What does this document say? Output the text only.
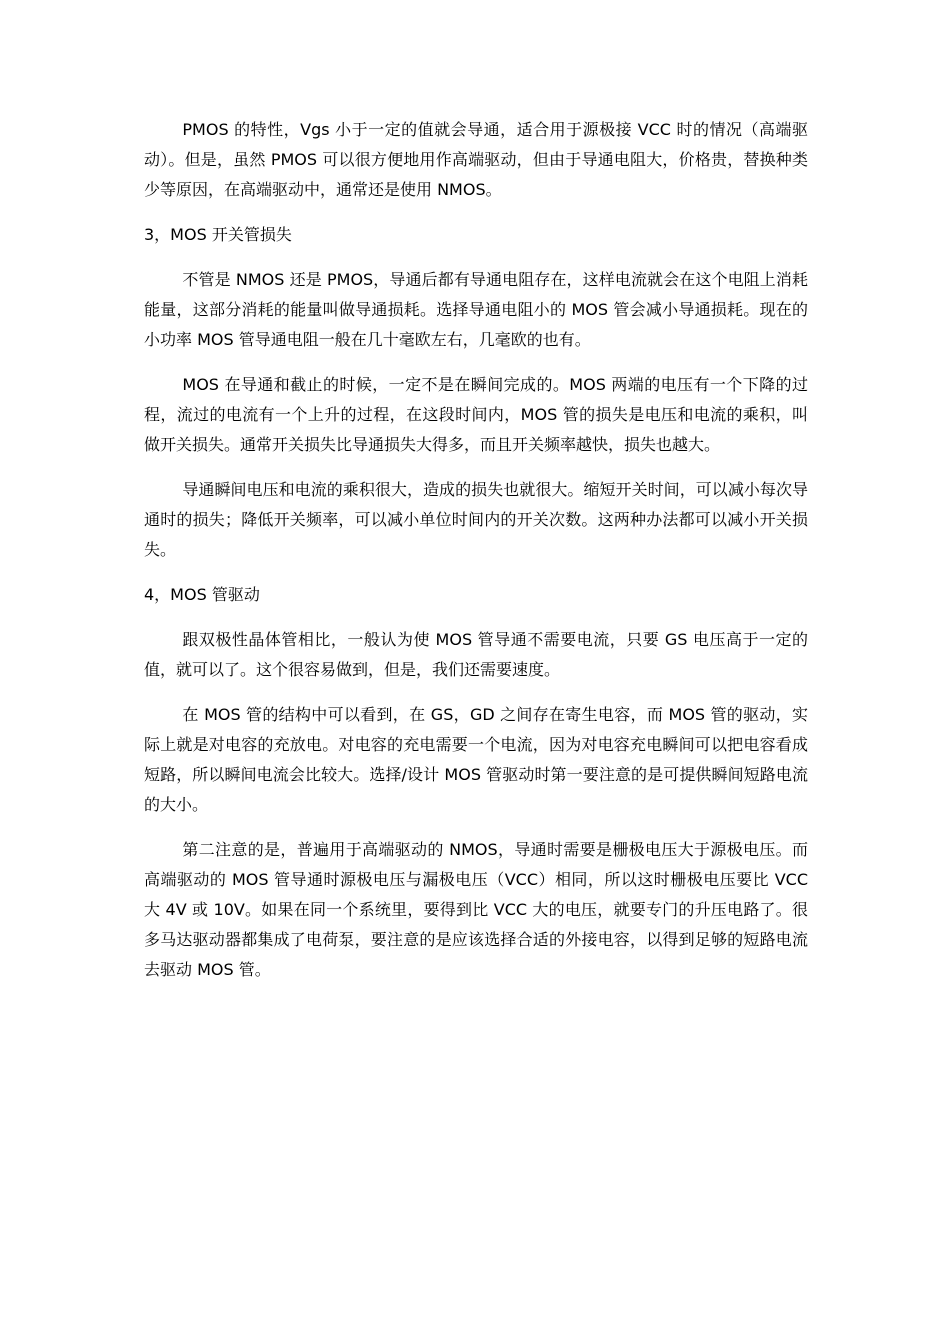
PMOS 的特性，Vgs 小于一定的值就会导通，适合用于源极接 VCC 时的情况（高端驱动）。但是，虽然 PMOS 可以很方便地用作高端驱动，但由于导通电阻大，价格贵，替换种类少等原因，在高端驱动中，通常还是使用 NMOS。

3，MOS 开关管损失

不管是 NMOS 还是 PMOS，导通后都有导通电阻存在，这样电流就会在这个电阻上消耗能量，这部分消耗的能量叫做导通损耗。选择导通电阻小的 MOS 管会减小导通损耗。现在的小功率 MOS 管导通电阻一般在几十毫欧左右，几毫欧的也有。

MOS 在导通和截止的时候，一定不是在瞬间完成的。MOS 两端的电压有一个下降的过程，流过的电流有一个上升的过程，在这段时间内，MOS 管的损失是电压和电流的乘积，叫做开关损失。通常开关损失比导通损失大得多，而且开关频率越快，损失也越大。

导通瞬间电压和电流的乘积很大，造成的损失也就很大。缩短开关时间，可以减小每次导通时的损失；降低开关频率，可以减小单位时间内的开关次数。这两种办法都可以减小开关损失。

4，MOS 管驱动

跟双极性晶体管相比，一般认为使 MOS 管导通不需要电流，只要 GS 电压高于一定的值，就可以了。这个很容易做到，但是，我们还需要速度。

在 MOS 管的结构中可以看到，在 GS，GD 之间存在寄生电容，而 MOS 管的驱动，实际上就是对电容的充放电。对电容的充电需要一个电流，因为对电容充电瞬间可以把电容看成短路，所以瞬间电流会比较大。选择/设计 MOS 管驱动时第一要注意的是可提供瞬间短路电流的大小。

第二注意的是，普遍用于高端驱动的 NMOS，导通时需要是栅极电压大于源极电压。而高端驱动的 MOS 管导通时源极电压与漏极电压（VCC）相同，所以这时栅极电压要比 VCC 大 4V 或 10V。如果在同一个系统里，要得到比 VCC 大的电压，就要专门的升压电路了。很多马达驱动器都集成了电荷泵，要注意的是应该选择合适的外接电容，以得到足够的短路电流去驱动 MOS 管。
